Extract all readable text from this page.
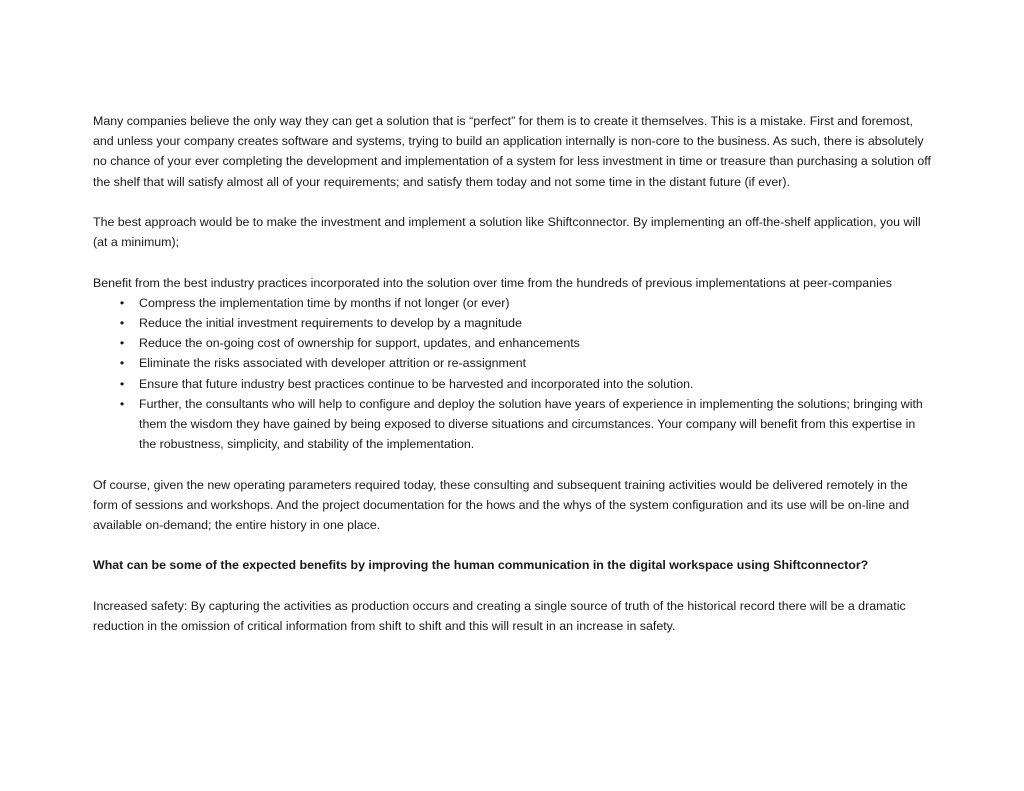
Many companies believe the only way they can get a solution that is “perfect” for them is to create it themselves. This is a mistake. First and foremost, and unless your company creates software and systems, trying to build an application internally is non-core to the business. As such, there is absolutely no chance of your ever completing the development and implementation of a system for less investment in time or treasure than purchasing a solution off the shelf that will satisfy almost all of your requirements; and satisfy them today and not some time in the distant future (if ever).

The best approach would be to make the investment and implement a solution like Shiftconnector. By implementing an off-the-shelf application, you will (at a minimum);

Benefit from the best industry practices incorporated into the solution over time from the hundreds of previous implementations at peer-companies

• Compress the implementation time by months if not longer (or ever)
• Reduce the initial investment requirements to develop by a magnitude
• Reduce the on-going cost of ownership for support, updates, and enhancements
• Eliminate the risks associated with developer attrition or re-assignment
• Ensure that future industry best practices continue to be harvested and incorporated into the solution.
• Further, the consultants who will help to configure and deploy the solution have years of experience in implementing the solutions; bringing with them the wisdom they have gained by being exposed to diverse situations and circumstances. Your company will benefit from this expertise in the robustness, simplicity, and stability of the implementation.

Of course, given the new operating parameters required today, these consulting and subsequent training activities would be delivered remotely in the form of sessions and workshops. And the project documentation for the hows and the whys of the system configuration and its use will be on-line and available on-demand; the entire history in one place.

What can be some of the expected benefits by improving the human communication in the digital workspace using Shiftconnector?

Increased safety: By capturing the activities as production occurs and creating a single source of truth of the historical record there will be a dramatic reduction in the omission of critical information from shift to shift and this will result in an increase in safety.
